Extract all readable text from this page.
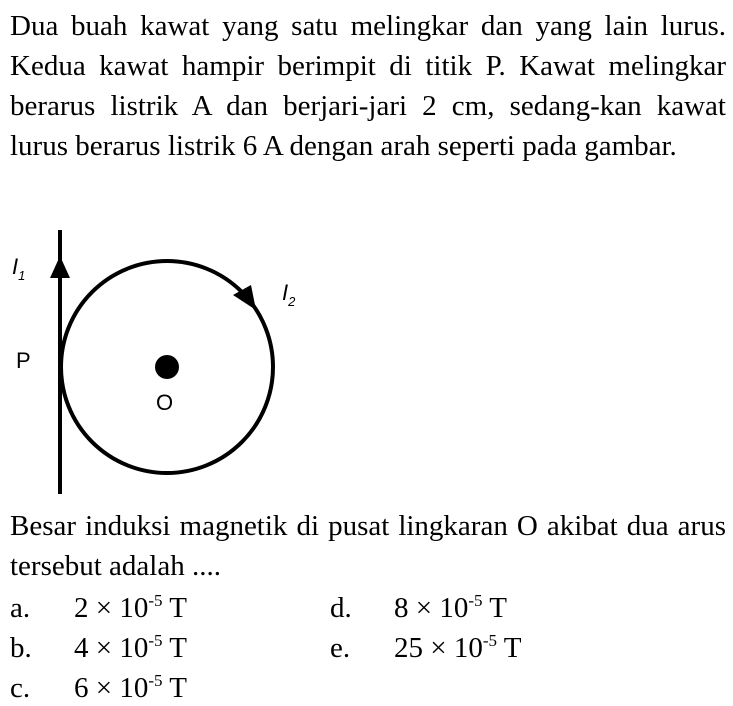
Dua buah kawat yang satu melingkar dan yang lain lurus. Kedua kawat hampir berimpit di titik P. Kawat melingkar berarus listrik A dan berjari-jari 2 cm, sedang-kan kawat lurus berarus listrik 6 A dengan arah seperti pada gambar.
$I_1$
$I_2$
P
O
Besar induksi magnetik di pusat lingkaran O akibat dua arus tersebut adalah ....
a. $2 \times 10^{-5}$ T
b. $4 \times 10^{-5}$ T
c. $6 \times 10^{-5}$ T
d. $8 \times 10^{-5}$ T
e. $25 \times 10^{-5}$ T
